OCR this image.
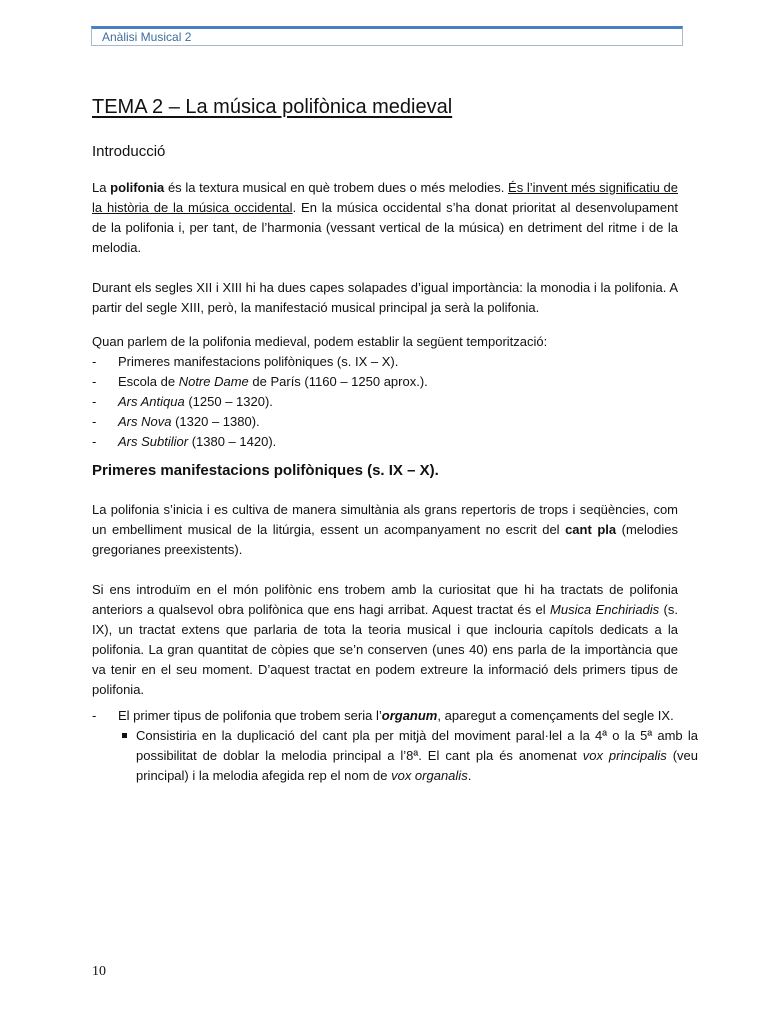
Anàlisi Musical 2
TEMA 2 – La música polifònica medieval
Introducció
La polifonia és la textura musical en què trobem dues o més melodies. És l’invent més significatiu de la història de la música occidental. En la música occidental s’ha donat prioritat al desenvolupament de la polifonia i, per tant, de l’harmonia (vessant vertical de la música) en detriment del ritme i de la melodia.
Durant els segles XII i XIII hi ha dues capes solapades d’igual importància: la monodia i la polifonia. A partir del segle XIII, però, la manifestació musical principal ja serà la polifonia.
Quan parlem de la polifonia medieval, podem establir la següent temporització:
- Primeres manifestacions polifòniques (s. IX – X).
- Escola de Notre Dame de París (1160 – 1250 aprox.).
- Ars Antiqua (1250 – 1320).
- Ars Nova (1320 – 1380).
- Ars Subtilior (1380 – 1420).
Primeres manifestacions polifòniques (s. IX – X).
La polifonia s’inicia i es cultiva de manera simultània als grans repertoris de trops i seqüències, com un embelliment musical de la litúrgia, essent un acompanyament no escrit del cant pla (melodies gregorianes preexistents).
Si ens introduïm en el món polifònic ens trobem amb la curiositat que hi ha tractats de polifonia anteriors a qualsevol obra polifònica que ens hagi arribat. Aquest tractat és el Musica Enchiriadis (s. IX), un tractat extens que parlaria de tota la teoria musical i que inclouria capítols dedicats a la polifonia. La gran quantitat de còpies que se’n conserven (unes 40) ens parla de la importància que va tenir en el seu moment. D’aquest tractat en podem extreure la informació dels primers tipus de polifonia.
- El primer tipus de polifonia que trobem seria l’organum, aparegut a començaments del segle IX.
Consistiria en la duplicació del cant pla per mitjà del moviment paral·lel a la 4ª o la 5ª amb la possibilitat de doblar la melodia principal a l’8ª. El cant pla és anomenat vox principalis (veu principal) i la melodia afegida rep el nom de vox organalis.
10
